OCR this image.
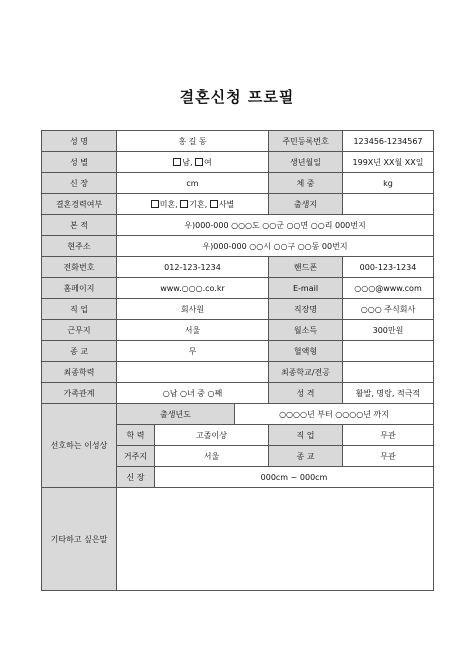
결혼신청 프로필
성 명	홍 길 동			주민등록번호	123456-1234567
성 별	남, 여			생년월일	199X년 XX월 XX일
신 장	cm			체 중	kg
결혼경력여부	미혼, 기혼, 사별			출생지	
본 적	우)000-000 ○○○도 ○○군 ○○면 ○○리 000번지				
현주소	우)000-000 ○○시 ○○구 ○○동 00번지				
전화번호	012-123-1234			핸드폰	000-123-1234
홈페이지	www.○○○.co.kr			E-mail	○○○@www.com
직 업	회사원			직장명	○○○ 주식회사
근무지	서울			월소득	300만원
종 교	무			혈액형	
최종학력				최종학교/전공	
가족관계	○남 ○녀 중 ○째			성 격	활발, 명랑, 적극적
선호하는 이성상	출생년도		○○○○년 부터 ○○○○년 까지		
	학 력	고졸이상		직 업	무관
	거주지	서울		종 교	무관
	신 장	000cm ~ 000cm			
기타하고 싶은말					
